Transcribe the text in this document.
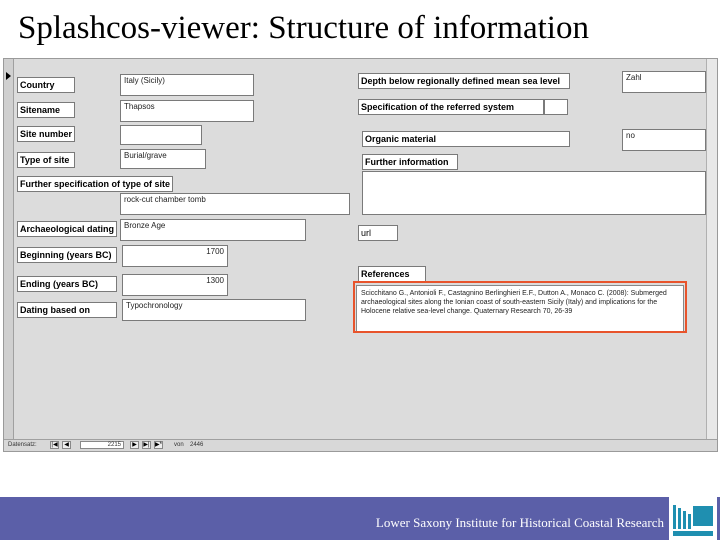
Splashcos-viewer: Structure of information
Country	Italy (Sicily)
Sitename	Thapsos
Site number
Type of site	Burial/grave
Further specification of type of site
rock-cut chamber tomb
Archaeological dating	Bronze Age
Beginning (years BC)	1700
Ending (years BC)	1300
Dating based on	Typochronology
Depth below regionally defined mean sea level	Zahl
Specification of the referred system
Organic material	no
Further information
url
References
Scicchitano G., Antonioli F., Castagnino Berlinghieri E.F., Dutton A., Monaco C. (2008): Submerged archaeological sites along the Ionian coast of south-eastern Sicily (Italy) and implications for the Holocene relative sea-level change. Quaternary Research 70, 26-39
Datensatz: |◀	◀	2215	▶	▶| ▶* von 2446
Lower Saxony Institute for Historical Coastal Research
